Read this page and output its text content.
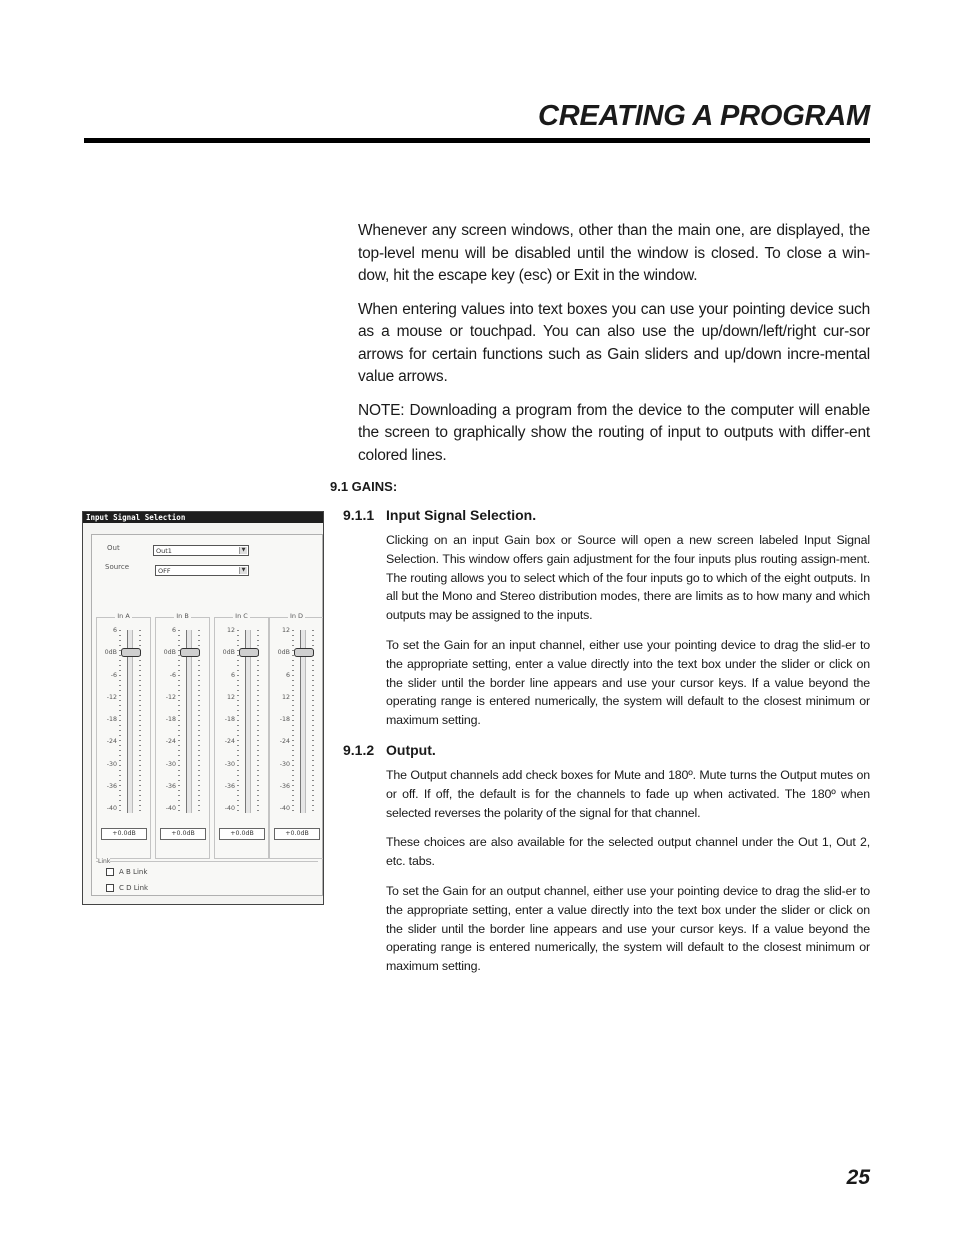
CREATING A PROGRAM

Whenever any screen windows, other than the main one, are displayed, the top-level menu will be disabled until the window is closed. To close a win-dow, hit the escape key (esc) or Exit in the window.

When entering values into text boxes you can use your pointing device such as a mouse or touchpad. You can also use the up/down/left/right cur-sor arrows for certain functions such as Gain sliders and up/down incre-mental value arrows.

NOTE: Downloading a program from the device to the computer will enable the screen to graphically show the routing of input to outputs with differ-ent colored lines.

9.1 GAINS:
9.1.1 Input Signal Selection.

Clicking on an input Gain box or Source will open a new screen labeled Input Signal Selection. This window offers gain adjustment for the four inputs plus routing assign-ment. The routing allows you to select which of the four inputs go to which of the eight outputs. In all but the Mono and Stereo distribution modes, there are limits as to how many and which outputs may be assigned to the inputs.

To set the Gain for an input channel, either use your pointing device to drag the slid-er to the appropriate setting, enter a value directly into the text box under the slider or click on the slider until the border line appears and use your cursor keys. If a value beyond the operating range is entered numerically, the system will default to the closest minimum or maximum setting.

9.1.2 Output.

The Output channels add check boxes for Mute and 180º. Mute turns the Output mutes on or off. If off, the default is for the channels to fade up when activated. The 180º when selected reverses the polarity of the signal for that channel.

These choices are also available for the selected output channel under the Out 1, Out 2, etc. tabs.

To set the Gain for an output channel, either use your pointing device to drag the slid-er to the appropriate setting, enter a value directly into the text box under the slider or click on the slider until the border line appears and use your cursor keys. If a value beyond the operating range is entered numerically, the system will default to the closest minimum or maximum setting.

Input Signal Selection
Out	Out1	▼
Source	OFF	▼
In A
6
0dB
-6
-12
-18
-24
-30
-36
-40
+0.0dB
In B
6
0dB
-6
-12
-18
-24
-30
-36
-40
+0.0dB
In C
12
0dB
6
12
-18
-24
-30
-36
-40
+0.0dB
In D
12
0dB
6
12
-18
-24
-30
-36
-40
+0.0dB
Link
A B Link
C D Link
25
